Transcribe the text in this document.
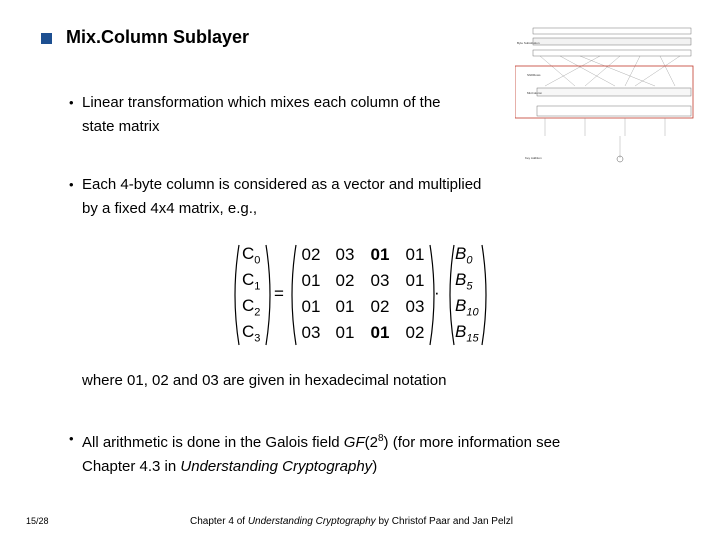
Mix.Column Sublayer
• Linear transformation which mixes each column of the
state matrix
• Each 4-byte column is considered as a vector and multiplied
by a fixed 4x4 matrix, e.g.,
$C_0$
$C_1$
$C_2$
$C_3$
=
02 03 01 01
01 02 03 01
01 01 02 03
03 01 01 02
·
$B_0$
$B_5$
$B_{10}$
$B_{15}$
where 01, 02 and 03 are given in hexadecimal notation
• All arithmetic is done in the Galois field $GF(2^8)$ (for more information see
Chapter 4.3 in Understanding Cryptography)
15/28	Chapter 4 of Understanding Cryptography by Christof Paar and Jan Pelzl
Byte Substitution
ShiftRows
MixColumn
Key Addition
